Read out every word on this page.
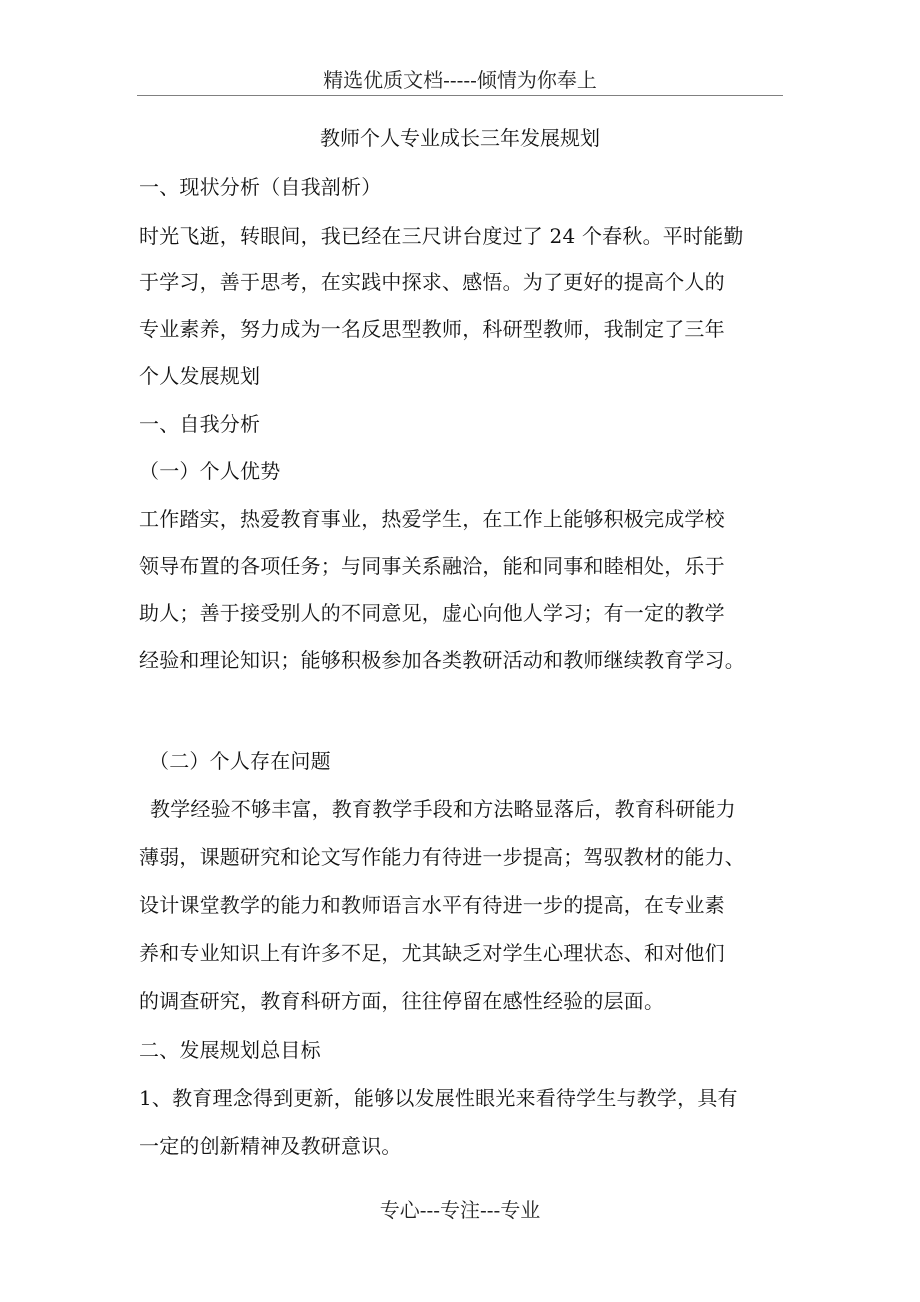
精选优质文档-----倾情为你奉上
教师个人专业成长三年发展规划
一、现状分析（自我剖析）
时光飞逝，转眼间，我已经在三尺讲台度过了 24 个春秋。平时能勤
于学习，善于思考，在实践中探求、感悟。为了更好的提高个人的
专业素养，努力成为一名反思型教师，科研型教师，我制定了三年
个人发展规划
一、自我分析
（一）个人优势
工作踏实，热爱教育事业，热爱学生，在工作上能够积极完成学校
领导布置的各项任务；与同事关系融洽，能和同事和睦相处，乐于
助人；善于接受别人的不同意见，虚心向他人学习；有一定的教学
经验和理论知识；能够积极参加各类教研活动和教师继续教育学习。
（二）个人存在问题
教学经验不够丰富，教育教学手段和方法略显落后，教育科研能力
薄弱，课题研究和论文写作能力有待进一步提高；驾驭教材的能力、
设计课堂教学的能力和教师语言水平有待进一步的提高，在专业素
养和专业知识上有许多不足，尤其缺乏对学生心理状态、和对他们
的调查研究，教育科研方面，往往停留在感性经验的层面。
二、发展规划总目标
1、教育理念得到更新，能够以发展性眼光来看待学生与教学，具有
一定的创新精神及教研意识。
专心---专注---专业
